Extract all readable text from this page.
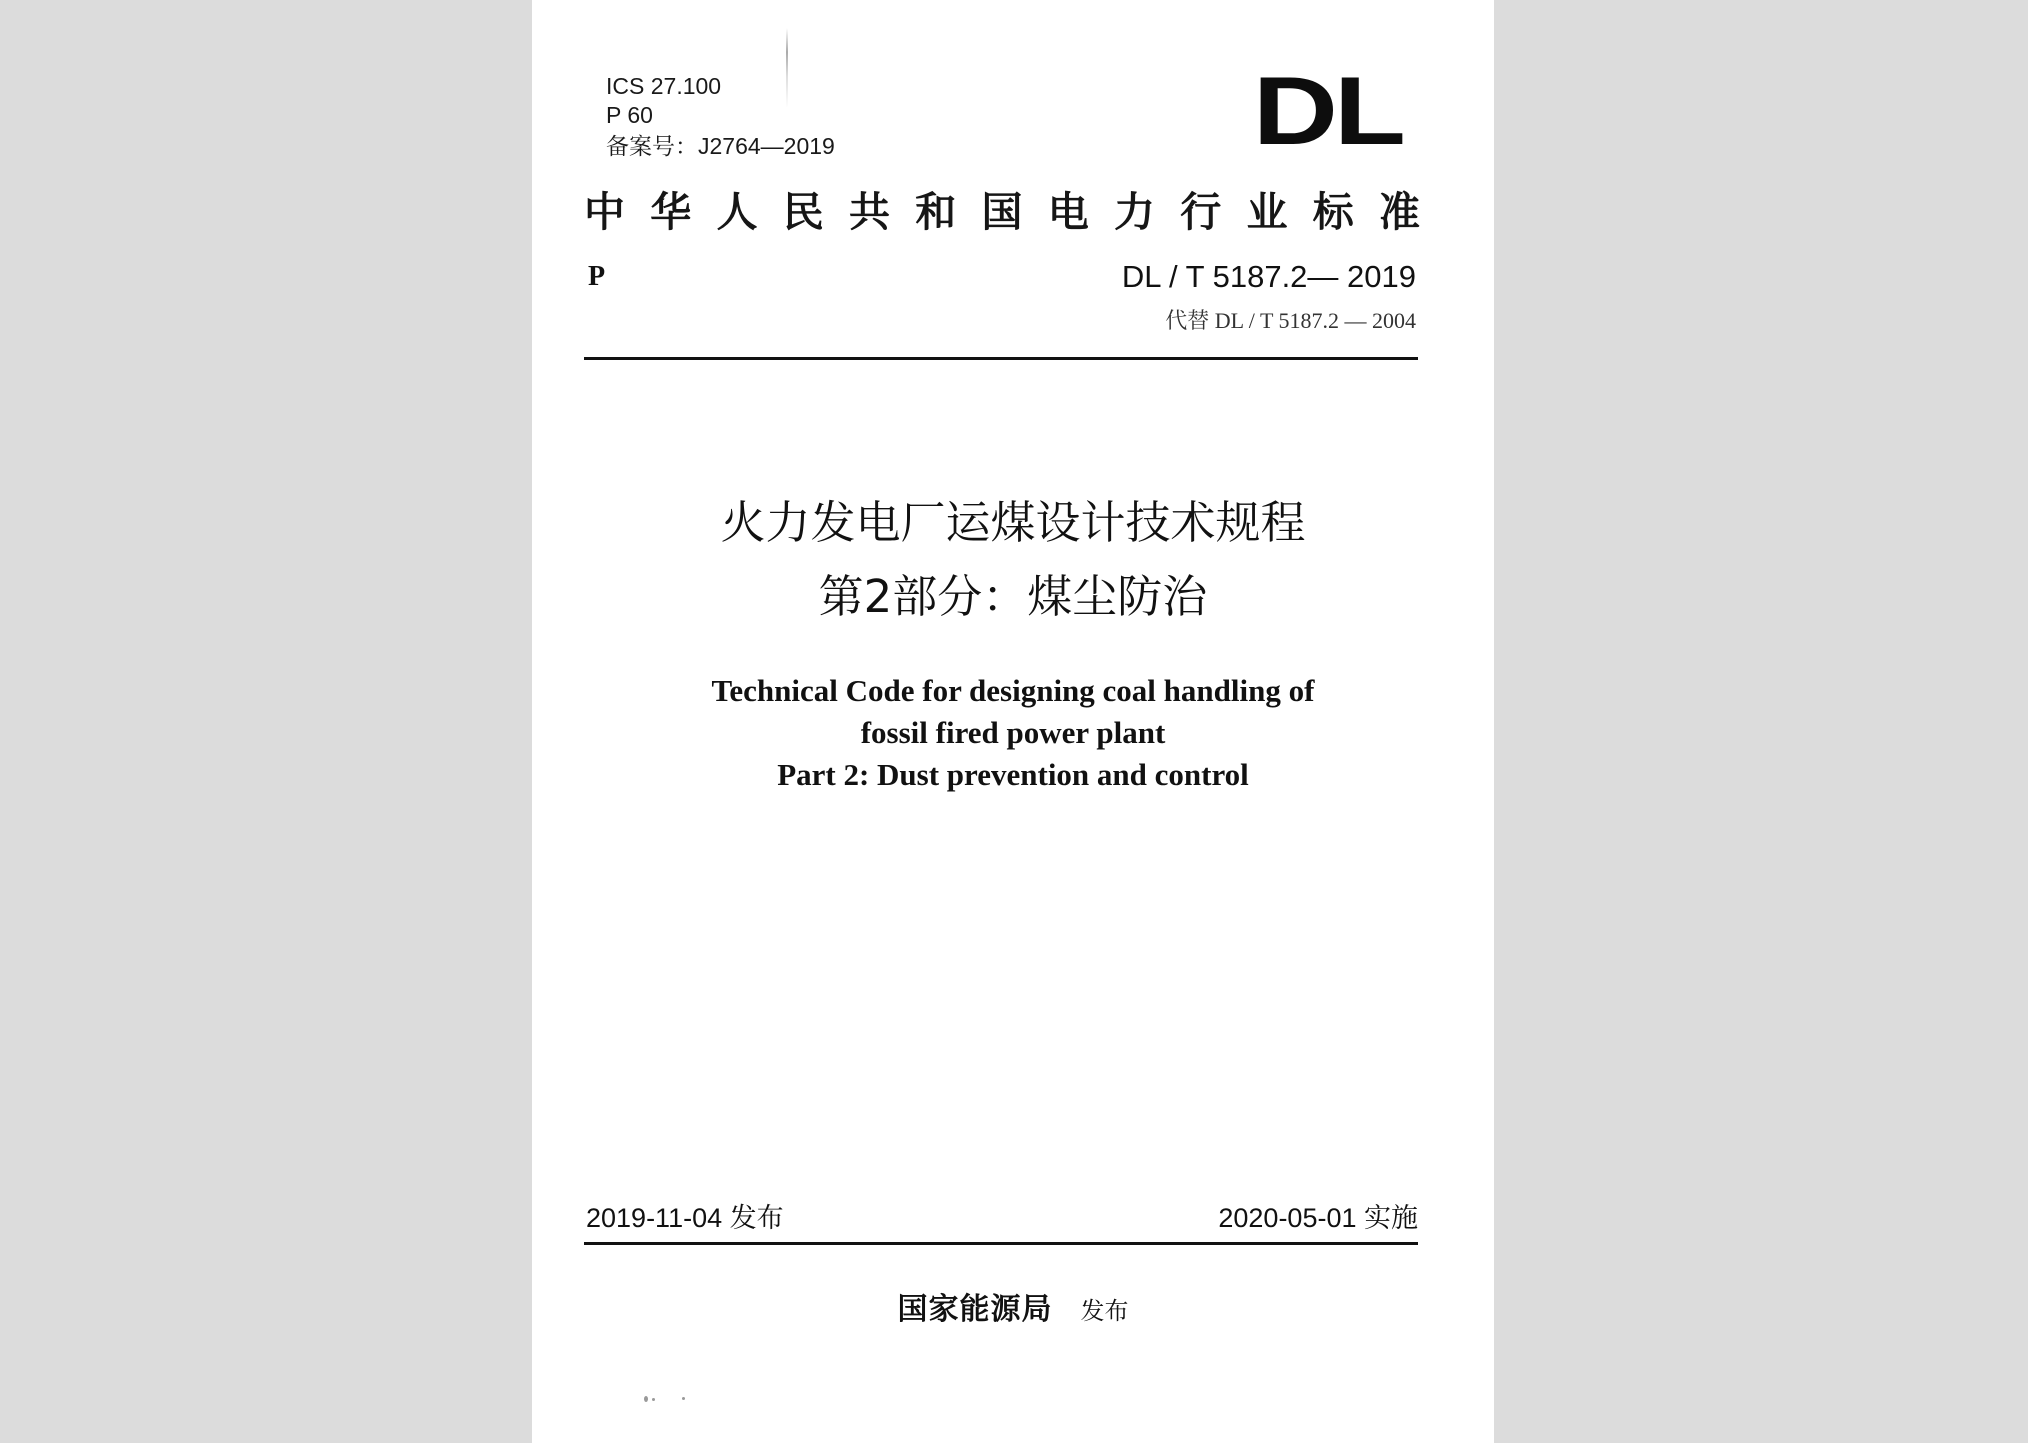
ICS 27.100
P 60
备案号：J2764—2019	DL
中 华 人 民 共 和 国 电 力 行 业 标 准
P	DL / T 5187.2— 2019
代替 DL / T 5187.2 — 2004
火力发电厂运煤设计技术规程
第2部分：煤尘防治
Technical Code for designing coal handling of
fossil fired power plant
Part 2: Dust prevention and control
2019-11-04 发布	2020-05-01 实施
国家能源局 发布
